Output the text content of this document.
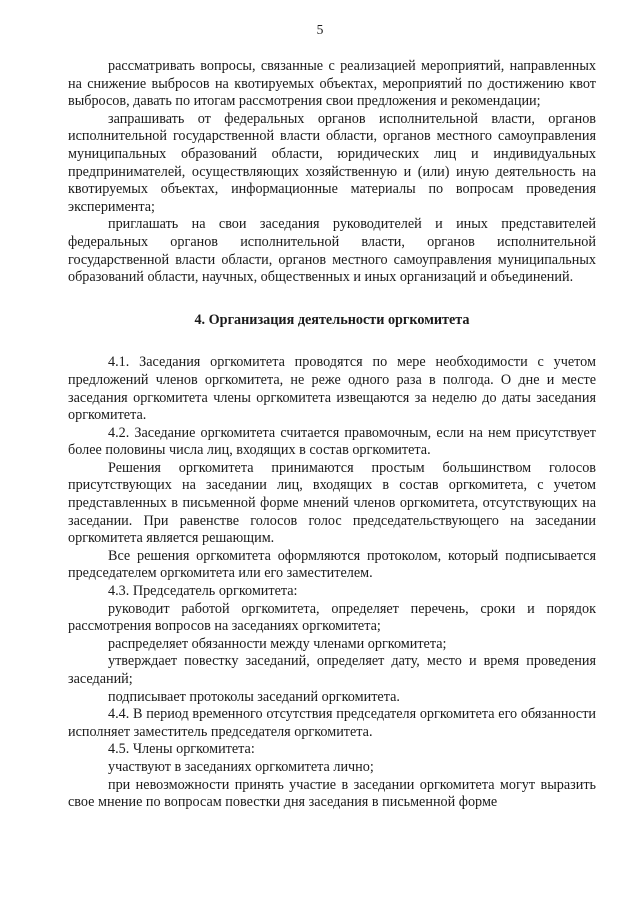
5

рассматривать вопросы, связанные с реализацией мероприятий, направленных на снижение выбросов на квотируемых объектах, мероприятий по достижению квот выбросов, давать по итогам рассмотрения свои предложения и рекомендации;

запрашивать от федеральных органов исполнительной власти, органов исполнительной государственной власти области, органов местного самоуправления муниципальных образований области, юридических лиц и индивидуальных предпринимателей, осуществляющих хозяйственную и (или) иную деятельность на квотируемых объектах, информационные материалы по вопросам проведения эксперимента;

приглашать на свои заседания руководителей и иных представителей федеральных органов исполнительной власти, органов исполнительной государственной власти области, органов местного самоуправления муниципальных образований области, научных, общественных и иных организаций и объединений.

4. Организация деятельности оргкомитета

4.1. Заседания оргкомитета проводятся по мере необходимости с учетом предложений членов оргкомитета, не реже одного раза в полгода. О дне и месте заседания оргкомитета члены оргкомитета извещаются за неделю до даты заседания оргкомитета.

4.2. Заседание оргкомитета считается правомочным, если на нем присутствует более половины числа лиц, входящих в состав оргкомитета.

Решения оргкомитета принимаются простым большинством голосов присутствующих на заседании лиц, входящих в состав оргкомитета, с учетом представленных в письменной форме мнений членов оргкомитета, отсутствующих на заседании. При равенстве голосов голос председательствующего на заседании оргкомитета является решающим.

Все решения оргкомитета оформляются протоколом, который подписывается председателем оргкомитета или его заместителем.

4.3. Председатель оргкомитета:

руководит работой оргкомитета, определяет перечень, сроки и порядок рассмотрения вопросов на заседаниях оргкомитета;

распределяет обязанности между членами оргкомитета;

утверждает повестку заседаний, определяет дату, место и время проведения заседаний;

подписывает протоколы заседаний оргкомитета.

4.4. В период временного отсутствия председателя оргкомитета его обязанности исполняет заместитель председателя оргкомитета.

4.5. Члены оргкомитета:

участвуют в заседаниях оргкомитета лично;

при невозможности принять участие в заседании оргкомитета могут выразить свое мнение по вопросам повестки дня заседания в письменной форме
